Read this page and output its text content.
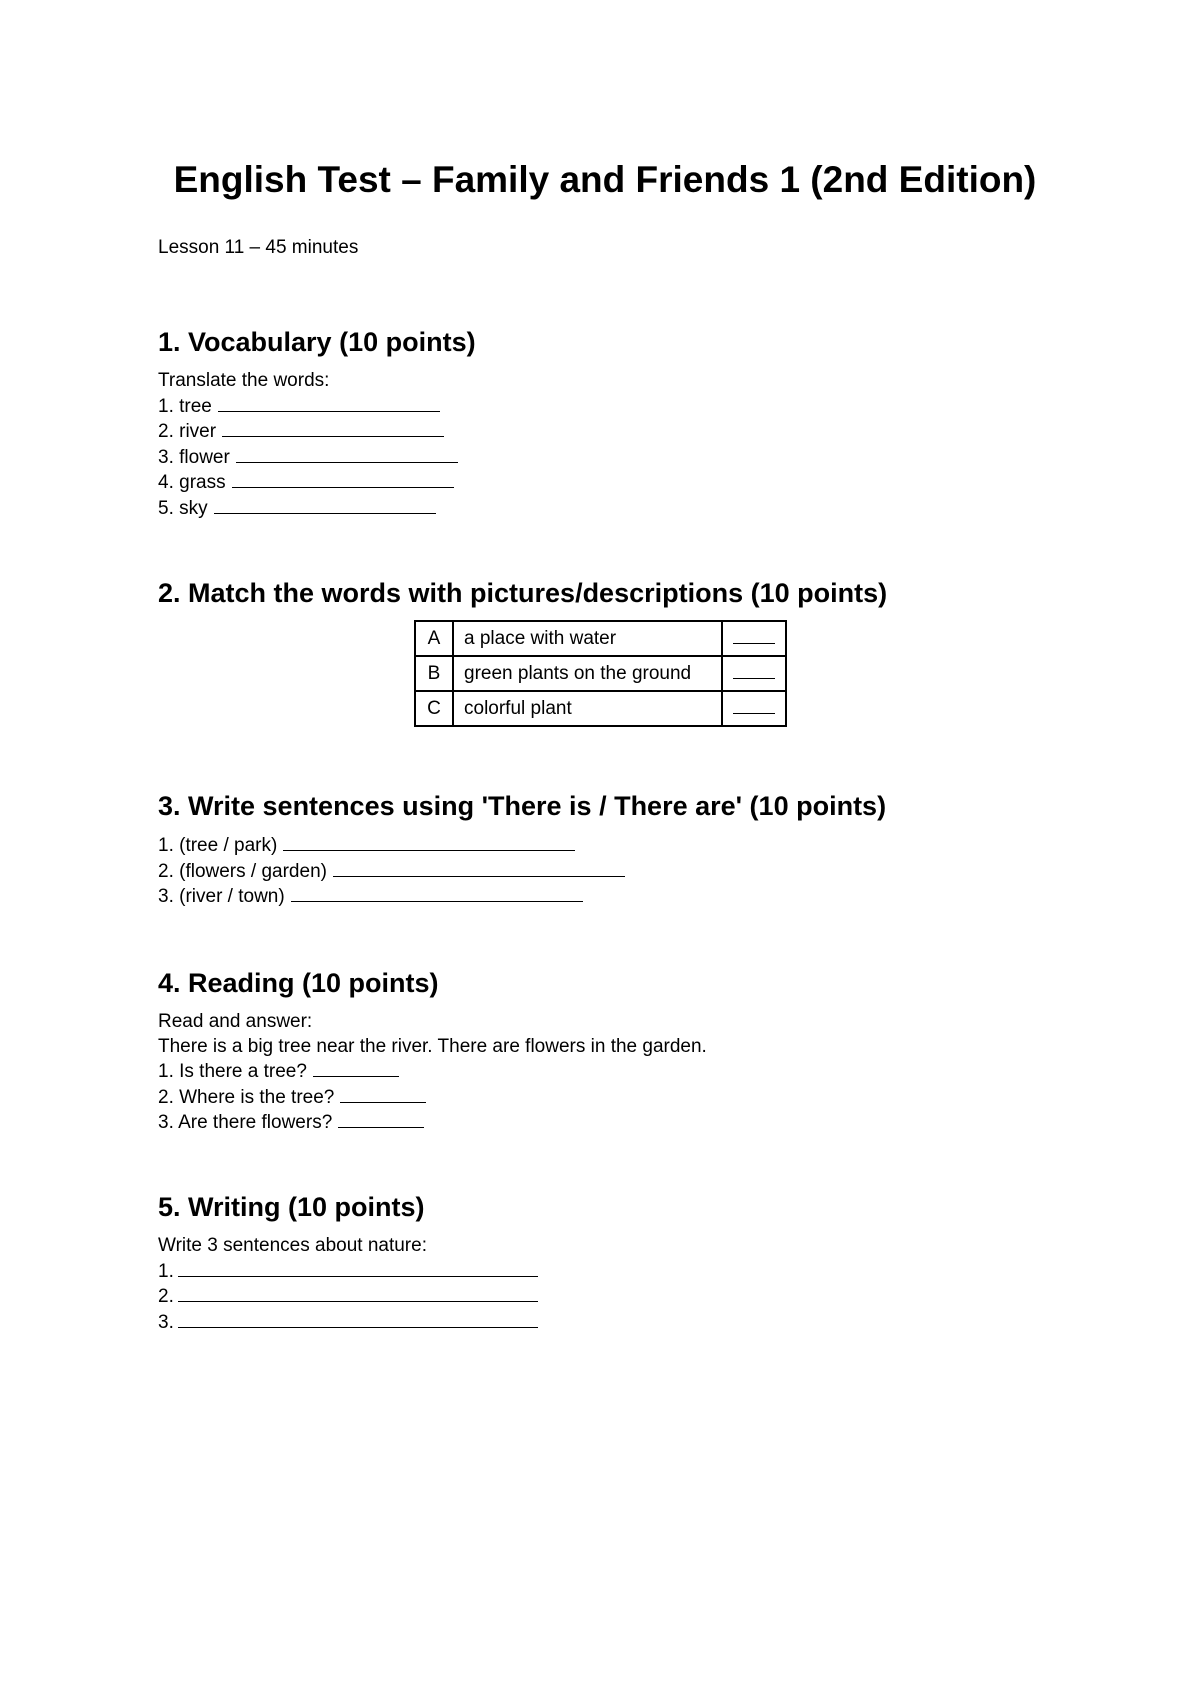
English Test – Family and Friends 1 (2nd Edition)
Lesson 11 – 45 minutes
1. Vocabulary (10 points)
Translate the words:
1. tree
2. river
3. flower
4. grass
5. sky
2. Match the words with pictures/descriptions (10 points)
A	a place with water	
B	green plants on the ground	
C	colorful plant	
3. Write sentences using 'There is / There are' (10 points)
1. (tree / park)
2. (flowers / garden)
3. (river / town)
4. Reading (10 points)
Read and answer:
There is a big tree near the river. There are flowers in the garden.
1. Is there a tree?
2. Where is the tree?
3. Are there flowers?
5. Writing (10 points)
Write 3 sentences about nature:
1.
2.
3.
